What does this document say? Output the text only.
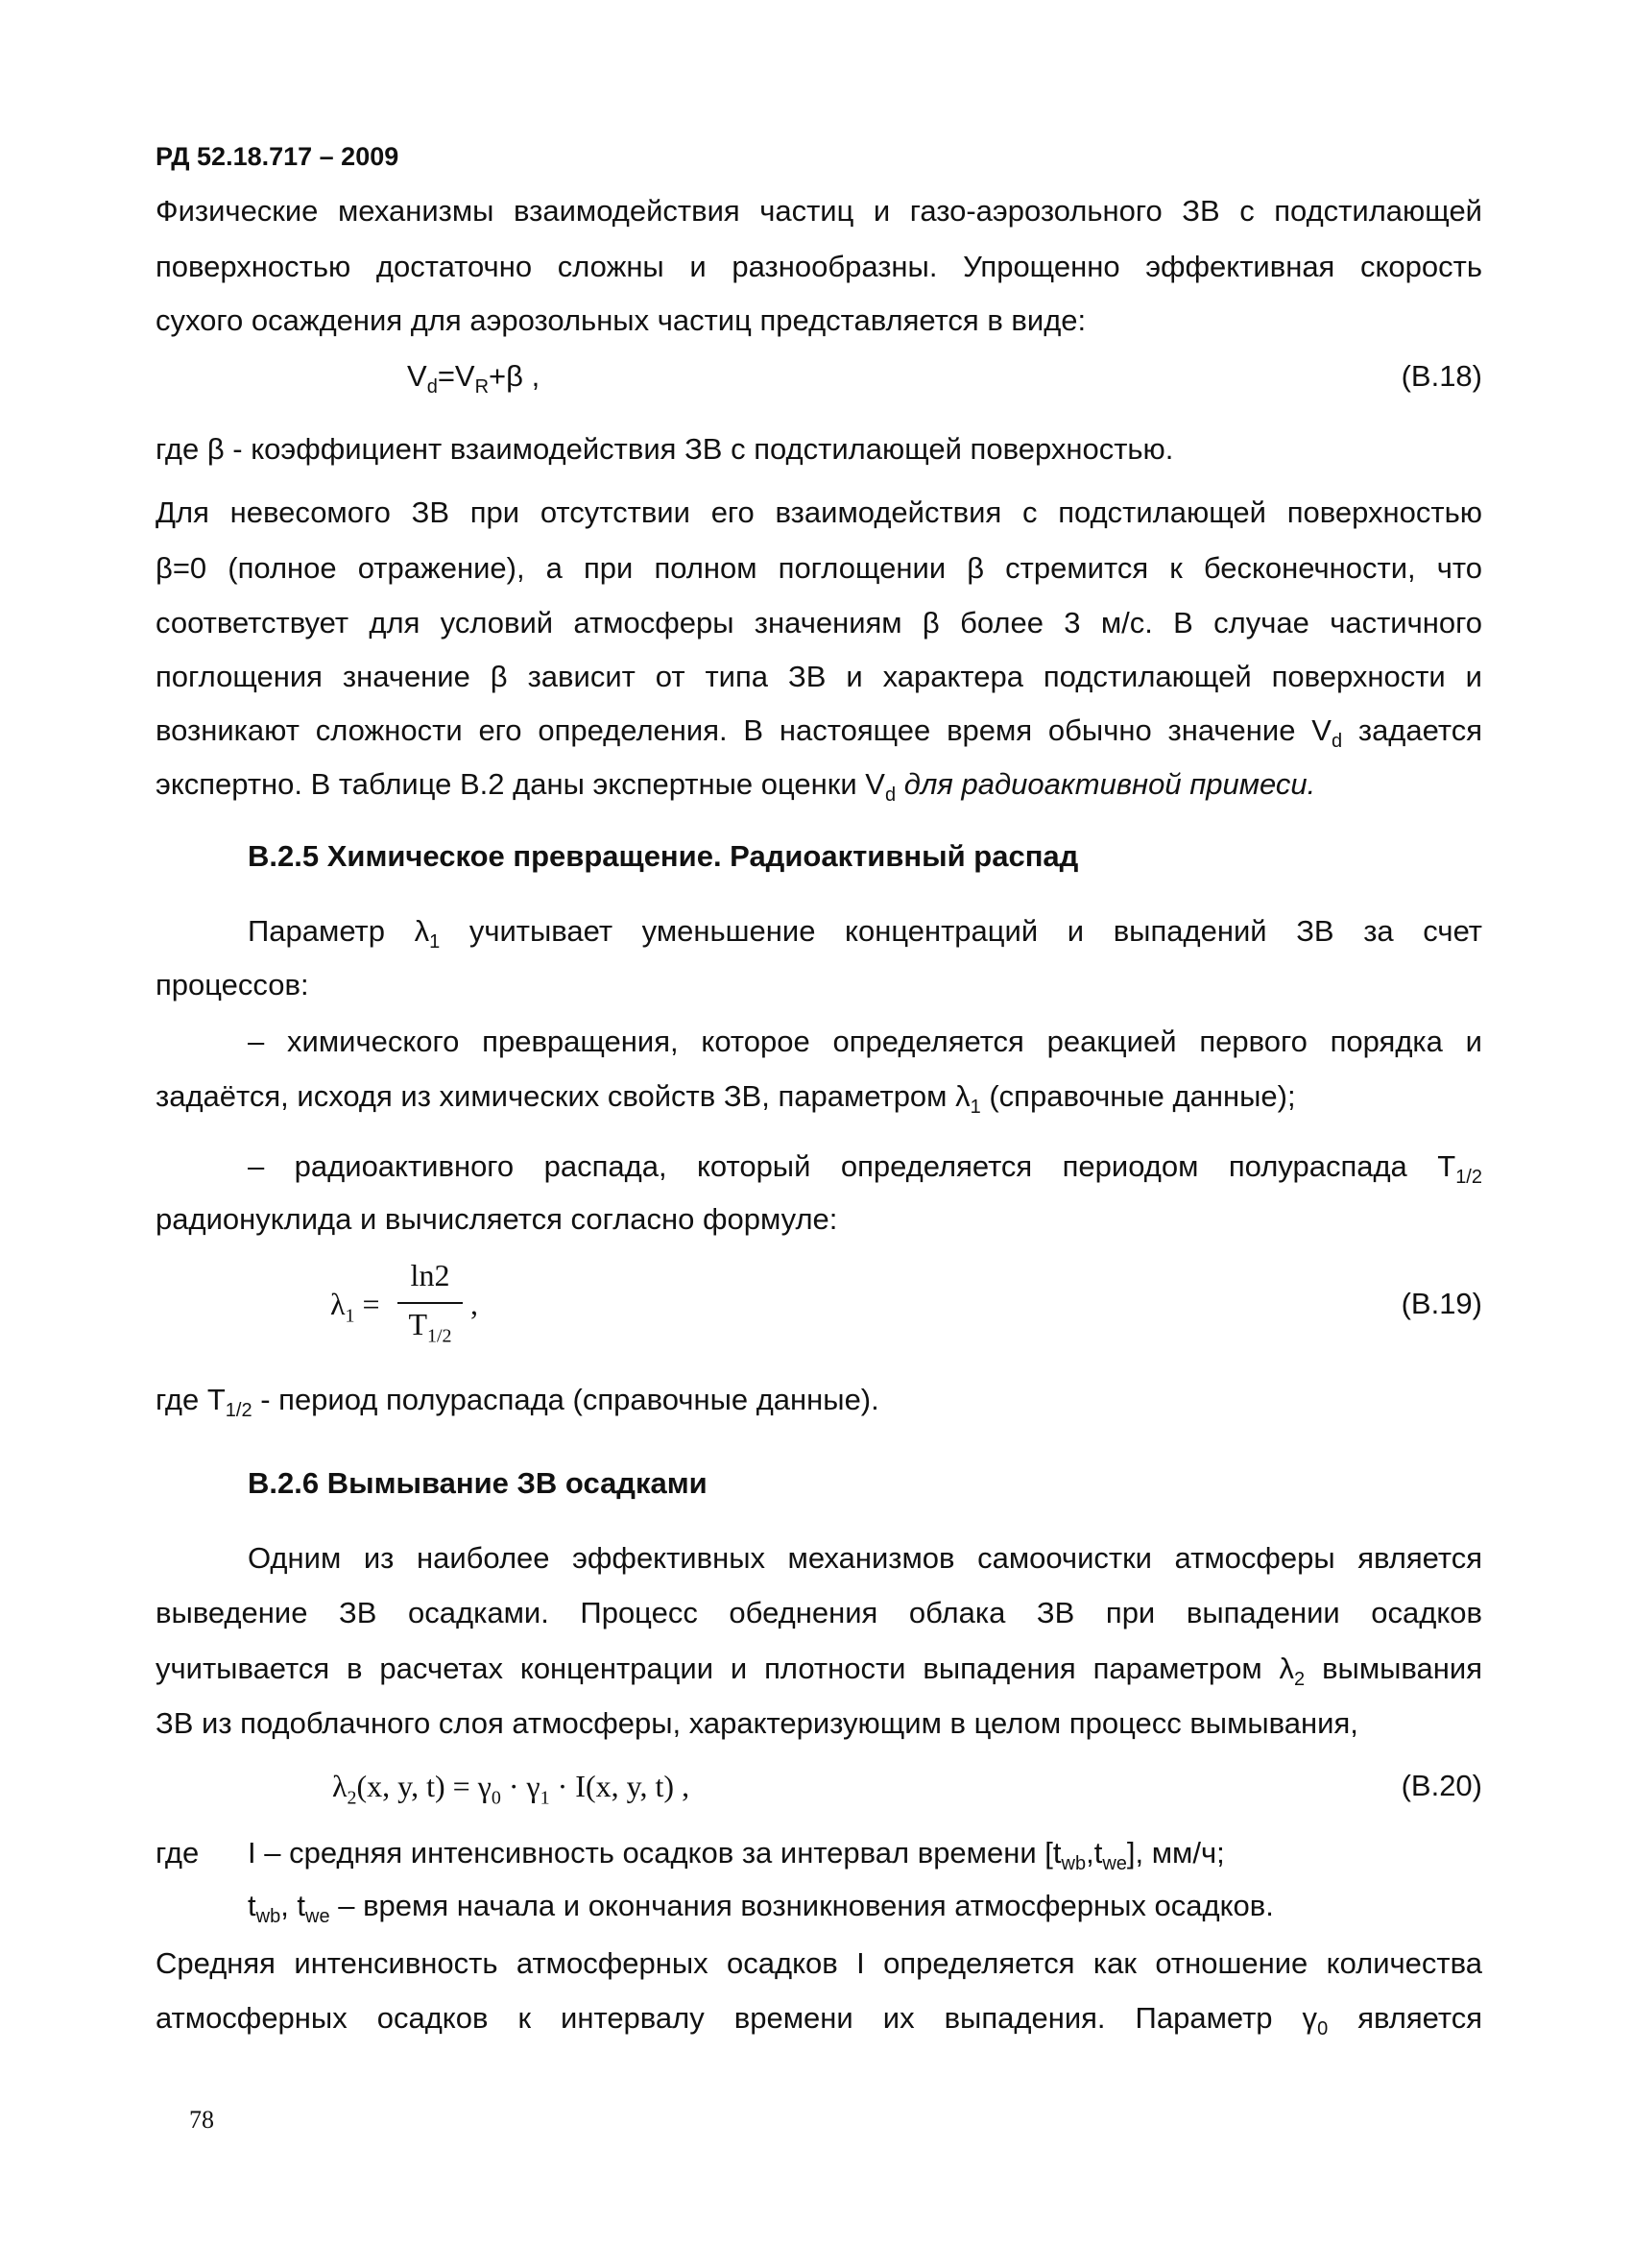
РД 52.18.717 – 2009
Физические механизмы взаимодействия частиц и газо-аэрозольного ЗВ с подстилающей
поверхностью достаточно сложны и разнообразны. Упрощенно эффективная скорость
сухого осаждения для аэрозольных частиц представляется в виде:
$V_d=V_R+\beta$ ,	(В.18)
где β - коэффициент взаимодействия ЗВ с подстилающей поверхностью.
Для невесомого ЗВ при отсутствии его взаимодействия с подстилающей поверхностью
β=0 (полное отражение), а при полном поглощении β стремится к бесконечности, что
соответствует для условий атмосферы значениям β более 3 м/с. В случае частичного
поглощения значение β зависит от типа ЗВ и характера подстилающей поверхности и
возникают сложности его определения. В настоящее время обычно значение $V_d$ задается
экспертно. В таблице В.2 даны экспертные оценки $V_d$ для радиоактивной примеси.
В.2.5 Химическое превращение. Радиоактивный распад
Параметр $\lambda_1$ учитывает уменьшение концентраций и выпадений ЗВ за счет
процессов:
– химического превращения, которое определяется реакцией первого порядка и
задаётся, исходя из химических свойств ЗВ, параметром $\lambda_1$ (справочные данные);
– радиоактивного распада, который определяется периодом полураспада $T_{1/2}$
радионуклида и вычисляется согласно формуле:
$\lambda_1$ =
ln2
$T_{1/2}$
,	(В.19)
где $T_{1/2}$ - период полураспада (справочные данные).
В.2.6 Вымывание ЗВ осадками
Одним из наиболее эффективных механизмов самоочистки атмосферы является
выведение ЗВ осадками. Процесс обеднения облака ЗВ при выпадении осадков
учитывается в расчетах концентрации и плотности выпадения параметром $\lambda_2$ вымывания
ЗВ из подоблачного слоя атмосферы, характеризующим в целом процесс вымывания,
$\lambda_2(x$, y, $t) = \gamma_0 \cdot \gamma_1 \cdot I(x$, y, t) ,	(В.20)
где I – средняя интенсивность осадков за интервал времени $[t_{wb},t_{we}]$, мм/ч;
$t_{wb}$, $t_{we}$ – время начала и окончания возникновения атмосферных осадков.
Средняя интенсивность атмосферных осадков I определяется как отношение количества
атмосферных осадков к интервалу времени их выпадения. Параметр $\gamma_0$ является
78
